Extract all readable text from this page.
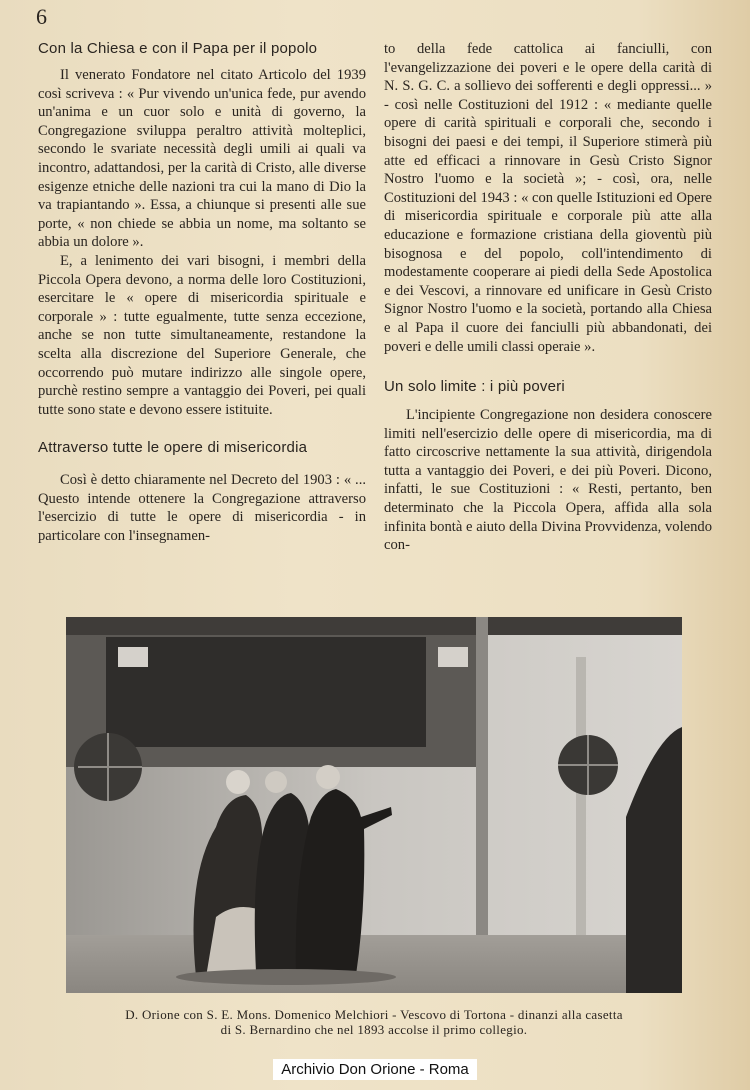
6
Con la Chiesa e con il Papa per il popolo

Il venerato Fondatore nel citato Articolo del 1939 così scriveva : « Pur vivendo un'unica fede, pur avendo un'anima e un cuor solo e unità di governo, la Congregazione sviluppa peraltro attività molteplici, secondo le svariate necessità degli umili ai quali va incontro, adattandosi, per la carità di Cristo, alle diverse esigenze etniche delle nazioni tra cui la mano di Dio la va trapiantando ». Essa, a chiunque si presenti alle sue porte, « non chiede se abbia un nome, ma soltanto se abbia un dolore ».

E, a lenimento dei vari bisogni, i membri della Piccola Opera devono, a norma delle loro Costituzioni, esercitare le « opere di misericordia spirituale e corporale » : tutte egualmente, tutte senza eccezione, anche se non tutte simultaneamente, restandone la scelta alla discrezione del Superiore Generale, che occorrendo può mutare indirizzo alle singole opere, purchè restino sempre a vantaggio dei Poveri, pei quali tutte sono state e devono essere istituite.

Attraverso tutte le opere di misericordia

Così è detto chiaramente nel Decreto del 1903 : « ... Questo intende ottenere la Congregazione attraverso l'esercizio di tutte le opere di misericordia - in particolare con l'insegnamen-

to della fede cattolica ai fanciulli, con l'evangelizzazione dei poveri e le opere della carità di N. S. G. C. a sollievo dei sofferenti e degli oppressi... » - così nelle Costituzioni del 1912 : « mediante quelle opere di carità spirituali e corporali che, secondo i bisogni dei paesi e dei tempi, il Superiore stimerà più atte ed efficaci a rinnovare in Gesù Cristo Signor Nostro l'uomo e la società »; - così, ora, nelle Costituzioni del 1943 : « con quelle Istituzioni ed Opere di misericordia spirituale e corporale più atte alla educazione e formazione cristiana della gioventù più bisognosa e del popolo, coll'intendimento di modestamente cooperare ai piedi della Sede Apostolica e dei Vescovi, a rinnovare ed unificare in Gesù Cristo Signor Nostro l'uomo e la società, portando alla Chiesa e al Papa il cuore dei fanciulli più abbandonati, dei poveri e delle umili classi operaie ».

Un solo limite : i più poveri

L'incipiente Congregazione non desidera conoscere limiti nell'esercizio delle opere di misericordia, ma di fatto circoscrive nettamente la sua attività, dirigendola tutta a vantaggio dei Poveri, e dei più Poveri. Dicono, infatti, le sue Costituzioni : « Resti, pertanto, ben determinato che la Piccola Opera, affida alla sola infinita bontà e aiuto della Divina Provvidenza, volendo con-

D. Orione con S. E. Mons. Domenico Melchiori - Vescovo di Tortona - dinanzi alla casetta
di S. Bernardino che nel 1893 accolse il primo collegio.
Archivio Don Orione - Roma
